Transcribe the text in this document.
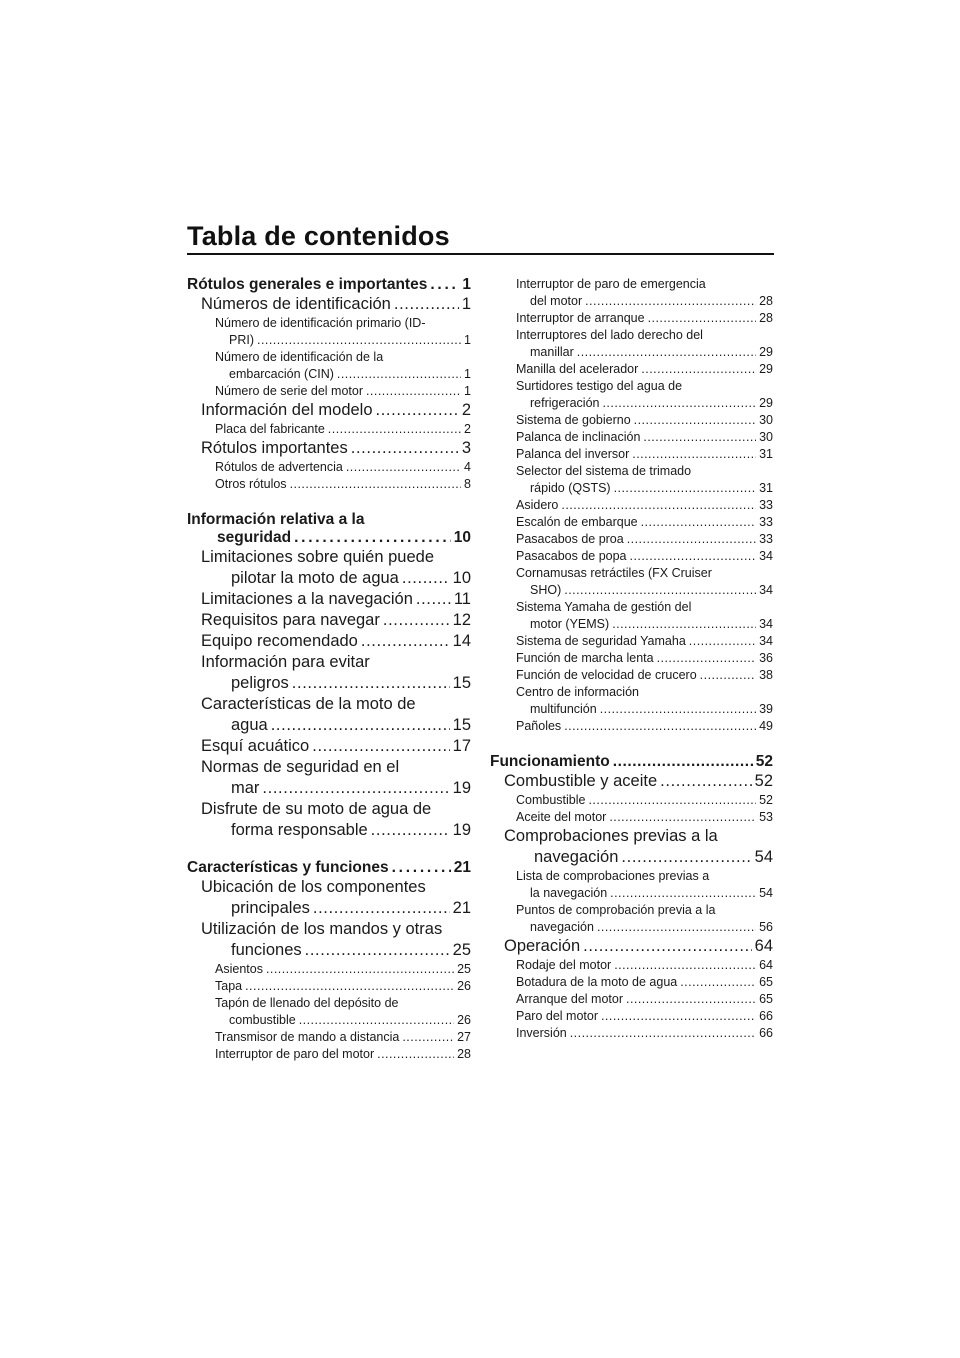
Tabla de contenidos
Rótulos generales e importantes . . . 1
Números de identificación . . .	1
Número de identificación primario (ID-
PRI) . . .	1
Número de identificación de la
embarcación (CIN) . . .	1
Número de serie del motor . . .	1
Información del modelo . . .	2
Placa del fabricante . . .	2
Rótulos importantes . . .	3
Rótulos de advertencia . . .	4
Otros rótulos . . .	8
Información relativa a la
seguridad . . .	10
Limitaciones sobre quién puede
pilotar la moto de agua . . .	10
Limitaciones a la navegación . . . 11
Requisitos para navegar . . .	12
Equipo recomendado . . .	14
Información para evitar
peligros . . .	15
Características de la moto de
agua . . .	15
Esquí acuático . . .	17
Normas de seguridad en el
mar . . .	19
Disfrute de su moto de agua de
forma responsable . . .	19
Características y funciones . . .	21
Ubicación de los componentes
principales . . .	21
Utilización de los mandos y otras
funciones . . .	25
Asientos . . .	25
Tapa . . .	26
Tapón de llenado del depósito de
combustible . . .	26
Transmisor de mando a distancia . . .	27
Interruptor de paro del motor . . .	28
Interruptor de paro de emergencia
del motor . . .	28
Interruptor de arranque . . .	28
Interruptores del lado derecho del
manillar . . .	29
Manilla del acelerador . . .	29
Surtidores testigo del agua de
refrigeración . . .	29
Sistema de gobierno . . .	30
Palanca de inclinación . . .	30
Palanca del inversor . . .	31
Selector del sistema de trimado
rápido (QSTS) . . .	31
Asidero . . .	33
Escalón de embarque . . .	33
Pasacabos de proa . . .	33
Pasacabos de popa . . .	34
Cornamusas retráctiles (FX Cruiser
SHO) . . .	34
Sistema Yamaha de gestión del
motor (YEMS) . . .	34
Sistema de seguridad Yamaha . . .	34
Función de marcha lenta . . .	36
Función de velocidad de crucero . . .	38
Centro de información
multifunción . . .	39
Pañoles . . .	49
Funcionamiento . . .	52
Combustible y aceite . . .	52
Combustible . . .	52
Aceite del motor . . .	53
Comprobaciones previas a la
navegación . . .	54
Lista de comprobaciones previas a
la navegación . . .	54
Puntos de comprobación previa a la
navegación . . .	56
Operación . . .	64
Rodaje del motor . . .	64
Botadura de la moto de agua . . .	65
Arranque del motor . . .	65
Paro del motor . . .	66
Inversión . . .	66
